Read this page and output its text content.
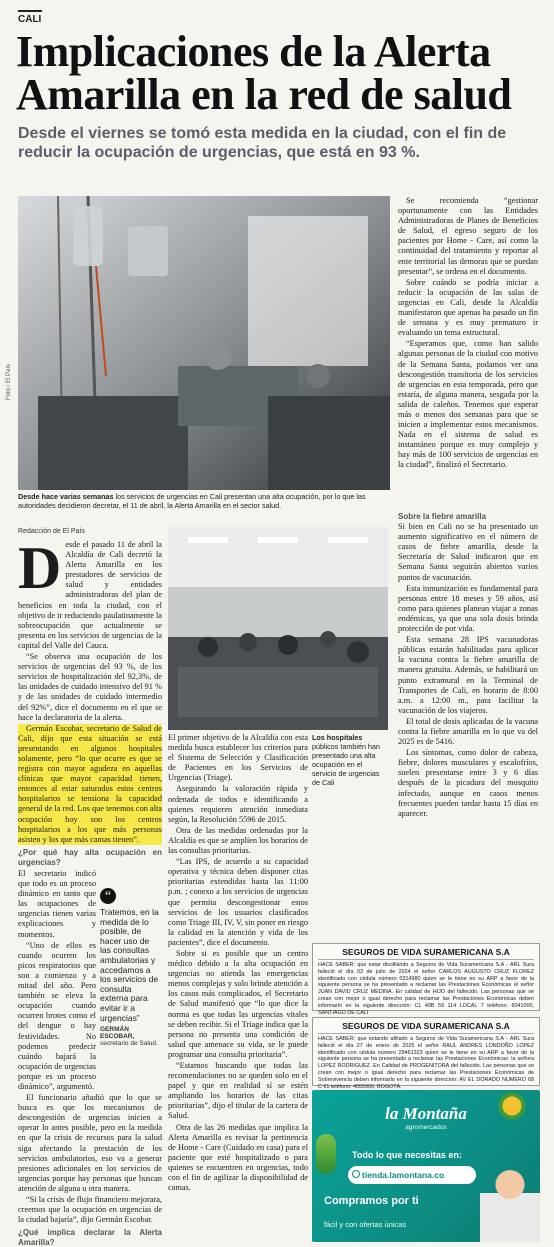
CALI
Implicaciones de la Alerta Amarilla en la red de salud
Desde el viernes se tomó esta medida en la ciudad, con el fin de reducir la ocupación de urgencias, que está en 93 %.
Foto / El País
Desde hace varias semanas los servicios de urgencias en Cali presentan una alta ocupación, por lo que las autoridades decidieron decretar, el 11 de abril, la Alerta Amarilla en el sector salud.

Se recomienda “gestionar oportunamente con las Entidades Administradoras de Planes de Beneficios de Salud, el egreso seguro de los pacientes por Home - Care, así como la continuidad del tratamiento y reportar al ente territorial las demoras que se puedan presentar”, se ordena en el documento.

Sobre cuándo se podría iniciar a reducir la ocupación de las salas de urgencias en Cali, desde la Alcaldía manifestaron que apenas ha pasado un fin de semana y es muy prematuro ir evaluando un tema estructural.

“Esperamos que, como han salido algunas personas de la ciudad con motivo de la Semana Santa, podamos ver una descongestión transitoria de los servicios de urgencias en esta temporada, pero que estaría, de alguna manera, sesgada por la salida de caleños. Tenemos que esperar más o menos dos semanas para que se inicien a implementar estos mecanismos. Nada en el sistema de salud es instantáneo porque es muy complejo y hay más de 100 servicios de urgencias en la ciudad”, finalizó el Secretario.

Redacción de El País

Desde el pasado 11 de abril la Alcaldía de Cali decretó la Alerta Amarilla en los prestadores de servicios de salud y entidades administradoras del plan de beneficios en toda la ciudad, con el objetivo de ir reduciendo paulatinamente la sobreocupación que actualmente se presenta en los servicios de urgencias de la capital del Valle del Cauca.

“Se observa una ocupación de los servicios de urgencias del 93 %, de los servicios de hospitalización del 92,3%, de las unidades de cuidado intensivo del 91 % y de las unidades de cuidado intermedio del 92%”, dice el documento en el que se hace la declaratoria de la alerta.

Germán Escobar, secretario de Salud de Cali, dijo que esta situación se está presentando en algunos hospitales solamente, pero “lo que ocurre es que se registra con mayor agudeza en aquellas clínicas que mayor capacidad tienen, entonces al estar saturados estos centros hospitalarios se tensiona la capacidad general de la red. Los que tenemos con alta ocupación hoy son los centros hospitalarios a los que más personas asisten y los que más camas tienen”.

¿Por qué hay alta ocupación en urgencias?

El secretario indicó que todo es un proceso dinámico en tanto que las ocupaciones de urgencias tienen varias explicaciones y momentos.

“Uno de ellos es cuando ocurren los picos respiratorios que son a comienzo y a mitad del año. Pero también se eleva la ocupación cuando ocurren brotes como el del dengue o hay festividades. No podemos predecir cuándo bajará la ocupación de urgencias porque es un proceso dinámico”, argumentó.

El funcionario añadió que lo que se busca es que los mecanismos de descongestión de urgencias inicien a operar lo antes posible, pero en la medida en que la crisis de recursos para la salud siga afectando la prestación de los servicios ambulatorios, eso va a generar presiones adicionales en los servicios de urgencias porque hay personas que buscan atención de alguna u otra manera.

“Si la crisis de flujo financiero mejorara, creemos que la ocupación en urgencias de la ciudad bajaría”, dijo Germán Escobar.

¿Qué implica declarar la Alerta Amarilla?
“
Tratemos, en la medida de lo posible, de hacer uso de las consultas ambulatorias y accedamos a los servicios de consulta externa para evitar ir a urgencias”
GERMÁN ESCOBAR,
secretario de Salud.
Los hospitales públicos también han presentado una alta ocupación en el servicio de urgencias de Cali

El primer objetivo de la Alcaldía con esta medida busca establecer los criterios para el Sistema de Selección y Clasificación de Pacientes en los Servicios de Urgencias (Triage).

Asegurando la valoración rápida y ordenada de todos e identificando a quienes requieren atención inmediata según, la Resolución 5596 de 2015.

Otra de las medidas ordenadas por la Alcaldía es que se amplíen los horarios de las consultas prioritarias.

“Las IPS, de acuerdo a su capacidad operativa y técnica deben disponer citas prioritarias extendidas hasta las 11:00 p.m. ; conexo a los servicios de urgencias que permita descongestionar estos servicios de los usuarios clasificados como Triage III, IV, V, sin poner en riesgo la calidad en la atención y vida de los pacientes”, dice el documento.

Sobre si es posible que un centro médico debido a la alta ocupación en urgencias no atienda las emergencias menos complejas y solo brinde atención a los casos más complicados, el Secretario de Salud manifestó que “lo que dice la norma es que todas las urgencias vitales se deben recibir. Si el Triage indica que la persona no presenta una condición de salud que amenace su vida, se le puede programar una consulta prioritaria”.

“Estamos buscando que todas las recomendaciones no se queden solo en el papel y que en realidad sí se estén ampliando los horarios de las citas prioritarias”, dijo el titular de la cartera de Salud.

Otra de las 26 medidas que implica la Alerta Amarilla es revisar la pertinencia de Home - Care (Cuidado en casa) para el paciente que esté hospitalizado o para quienes se encuentren en urgencias, todo con el fin de agilizar la disponibilidad de camas.

Sobre la fiebre amarilla

Si bien en Cali no se ha presentado un aumento significativo en el número de casos de fiebre amarilla, desde la Secretaría de Salud indicaron que en Semana Santa seguirán abiertos varios puntos de vacunación.

Esta inmunización es fundamental para personas entre 18 meses y 59 años, así como para quienes planean viajar a zonas endémicas, ya que una sola dosis brinda protección de por vida.

Esta semana 28 IPS vacunadoras públicas estarán habilitadas para aplicar la vacuna contra la fiebre amarilla de manera gratuita. Además, se habilitará un punto extramural en la Terminal de Transportes de Cali, en horario de 8:00 a.m. a 12:00 m., para facilitar la vacunación de los viajeros.

El total de dosis aplicadas de la vacuna contra la fiebre amarilla en lo que va del 2025 es de 5416.

Los síntomas, como dolor de cabeza, fiebre, dolores musculares y escalofríos, suelen presentarse entre 3 y 6 días después de la picadura del mosquito infectado, aunque en casos menos frecuentes pueden tardar hasta 15 días en aparecer.

SEGUROS DE VIDA SURAMERICANA S.A
HACE SABER: que estar disolllándo a Seguros de Vida Suramericana S.A - ARL Sura falleció el día 03 de julio de 2024 el señor CARLOS AUGUSTO CRUZ FLOREZ identificado con cédula número 0314980 quien se le tiene en su ARP a favor de la siguiente persona se ha presentado a reclamar las Prestaciones Económicas el señor JUAN DAVID CRUZ MEDINA. En calidad de HIJO del fallecido. Las personas que se crean con mejor o igual derecho para reclamar las Prestaciones Económicas deben informarlo en la siguiente dirección: CL 49B 59 114 LOCAL 7 teléfono: 6041000, SANTIAGO DE CALI
SEGUROS DE VIDA SURAMERICANA S.A
HACE SABER: que estando afiliado a Seguros de Vida Suramericana S.A - ARL Sura falleció el día 27 de enero de 2025 el señor RAUL ANDRES LONDOÑO LOPEZ identificado con cédula número 29461323 quien se le tiene en su ARP a favor de la siguiente persona se ha presentado a reclamar las Prestaciones Económicas: la señora LOPEZ RODRIGUEZ. En Calidad de PROGENITORA del fallecido. Las personas que se crean con mejor o igual derecho para reclamar las Prestaciones Económicas de Sobrevivencia deben informarlo en la siguiente dirección: AV EL DORADO NUMERO 68 C 61 teléfono: 4055900, BOGOTÁ.
la Montaña
agromercados
Todo lo que necesitas en:
tienda.lamontana.co
Compramos por ti
fácil y con ofertas únicas
